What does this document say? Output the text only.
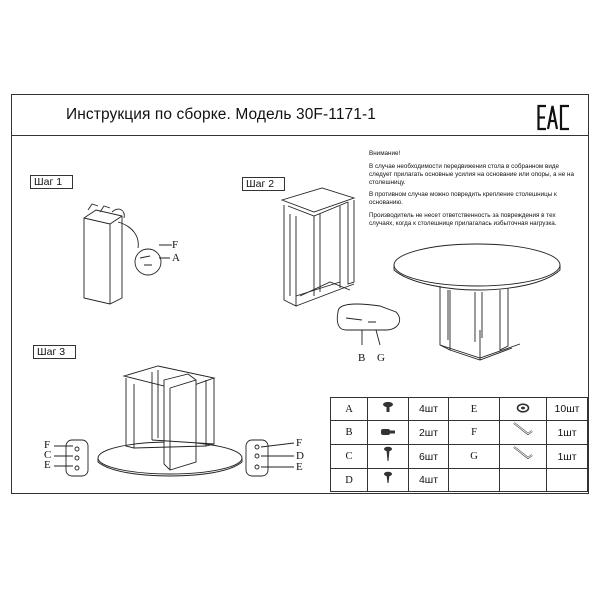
Инструкция по сборке. Модель 30F-1171-1
Шаг 1	Шаг 2
Шаг 3

Внимание!

В случае необходимости передвижения стола в собранном виде следует прилагать основные усилия на основание или опоры, а не на столешницу.

В противном случае можно повредить крепление столешницы к основанию.

Производитель не несет ответственность за повреждения в тех случаях, когда к столешнице прилагалась избыточная нагрузка.

F
A
B G
F
C
E
F
D
E
A		4шт	E		10шт
B		2шт	F		1шт
C		6шт	G		1шт
D		4шт			
